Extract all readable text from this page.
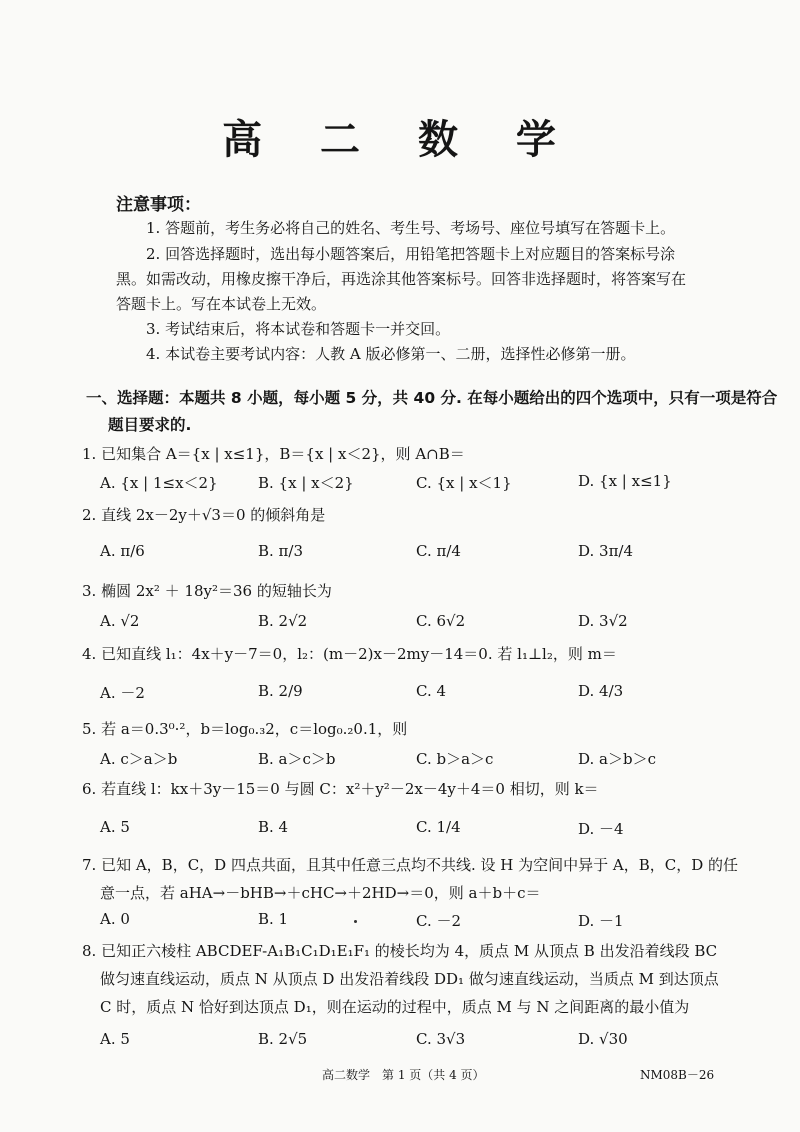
高 二 数 学
注意事项：
1. 答题前，考生务必将自己的姓名、考生号、考场号、座位号填写在答题卡上。
2. 回答选择题时，选出每小题答案后，用铅笔把答题卡上对应题目的答案标号涂
黑。如需改动，用橡皮擦干净后，再选涂其他答案标号。回答非选择题时，将答案写在
答题卡上。写在本试卷上无效。
3. 考试结束后，将本试卷和答题卡一并交回。
4. 本试卷主要考试内容：人教 A 版必修第一、二册，选择性必修第一册。
一、选择题：本题共 8 小题，每小题 5 分，共 40 分. 在每小题给出的四个选项中，只有一项是符合
题目要求的.
1. 已知集合 A＝{x | x≤1}，B＝{x | x＜2}，则 A∩B＝
A. {x | 1≤x＜2}	B. {x | x＜2}	C. {x | x＜1}	D. {x | x≤1}
2. 直线 2x－2y＋√3＝0 的倾斜角是
A. π/6	B. π/3	C. π/4	D. 3π/4
3. 椭圆 2x² ＋ 18y²＝36 的短轴长为
A. √2	B. 2√2	C. 6√2	D. 3√2
4. 已知直线 l₁：4x＋y－7＝0，l₂：(m－2)x－2my－14＝0. 若 l₁⊥l₂，则 m＝
A. －2	B. 2/9	C. 4	D. 4/3
5. 若 a＝0.3⁰·²，b＝log₀.₃2，c＝log₀.₂0.1，则
A. c＞a＞b	B. a＞c＞b	C. b＞a＞c	D. a＞b＞c
6. 若直线 l：kx＋3y－15＝0 与圆 C：x²＋y²－2x－4y＋4＝0 相切，则 k＝
A. 5	B. 4	C. 1/4	D. －4
7. 已知 A，B，C，D 四点共面，且其中任意三点均不共线. 设 H 为空间中异于 A，B，C，D 的任
意一点，若 aHA→－bHB→＋cHC→＋2HD→＝0，则 a＋b＋c＝
A. 0	B. 1	C. －2	D. －1
8. 已知正六棱柱 ABCDEF-A₁B₁C₁D₁E₁F₁ 的棱长均为 4，质点 M 从顶点 B 出发沿着线段 BC
做匀速直线运动，质点 N 从顶点 D 出发沿着线段 DD₁ 做匀速直线运动，当质点 M 到达顶点
C 时，质点 N 恰好到达顶点 D₁，则在运动的过程中，质点 M 与 N 之间距离的最小值为
A. 5	B. 2√5	C. 3√3	D. √30
高二数学　第 1 页（共 4 页）	NM08B－26
